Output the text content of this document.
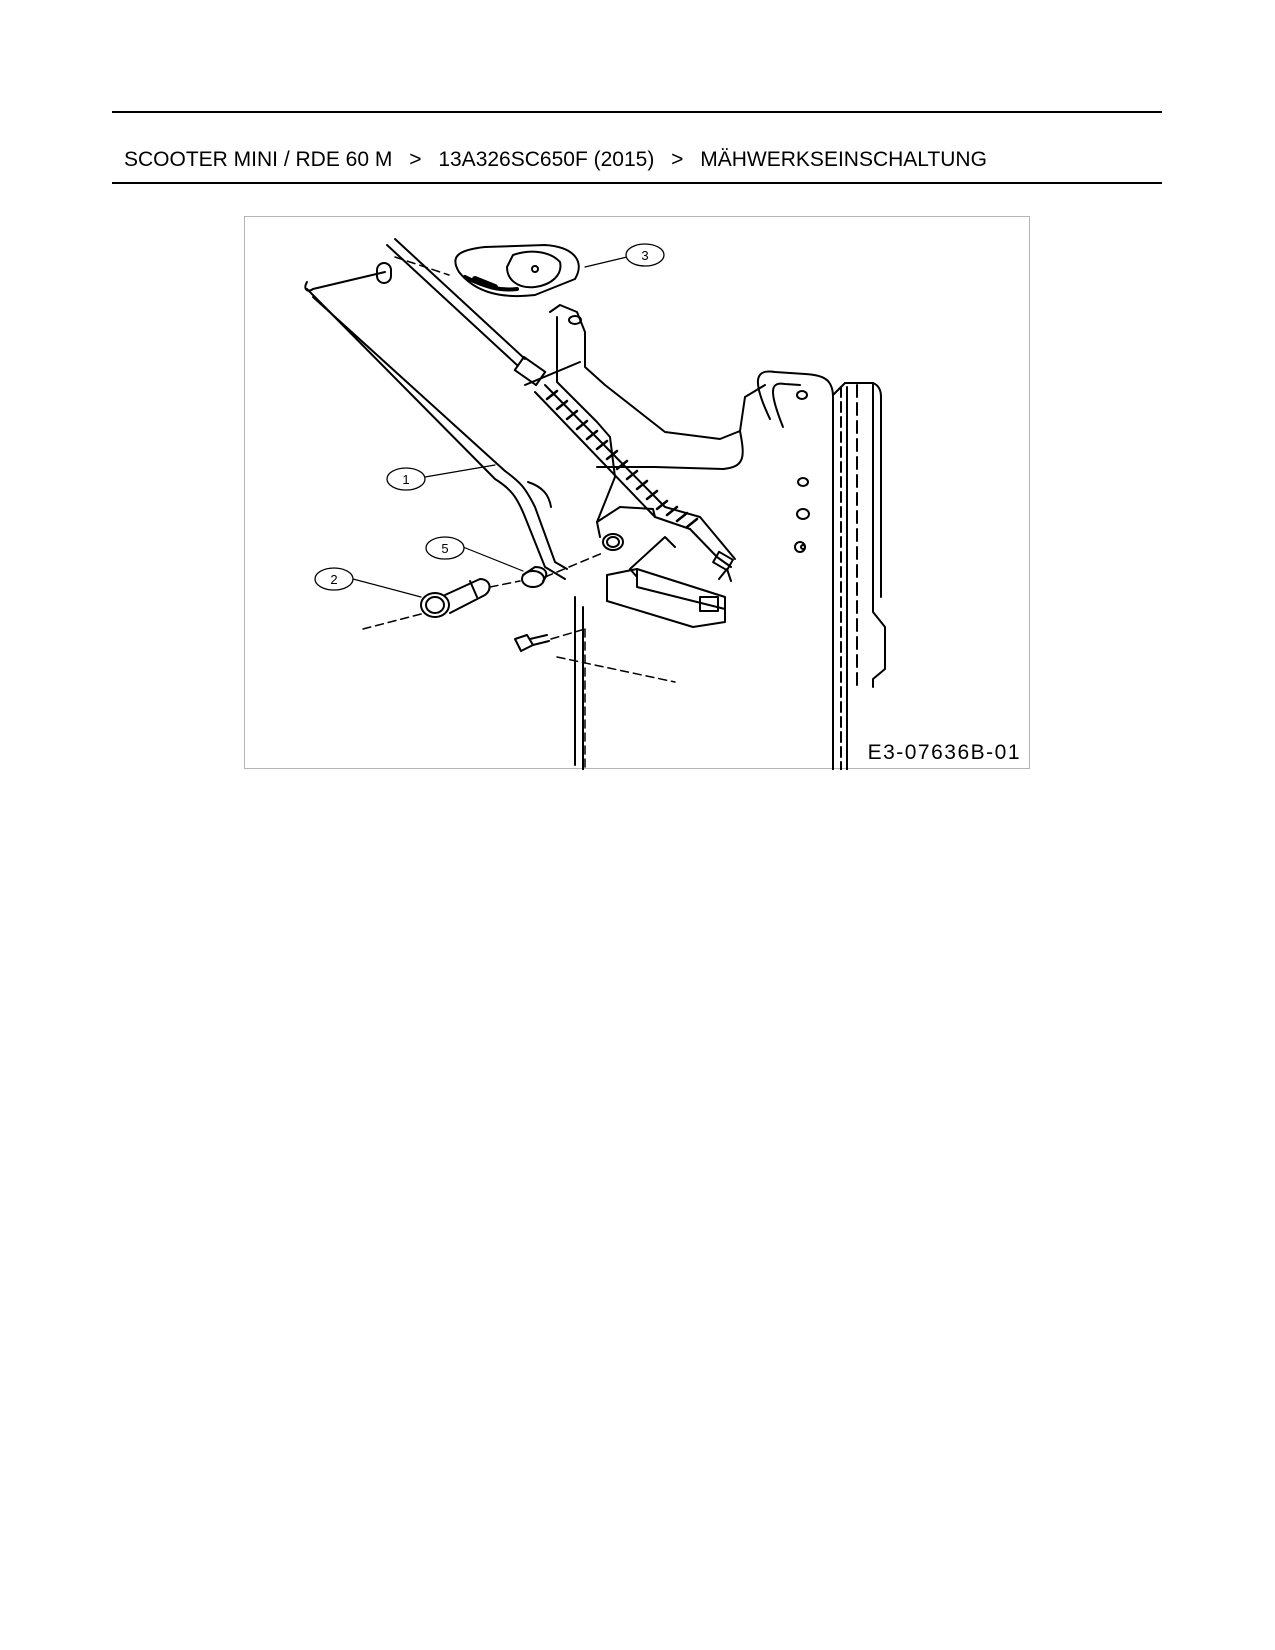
SCOOTER MINI / RDE 60 M > 13A326SC650F (2015) > MÄHWERKSEINSCHALTUNG
1
2
3
5
E3-07636B-01
